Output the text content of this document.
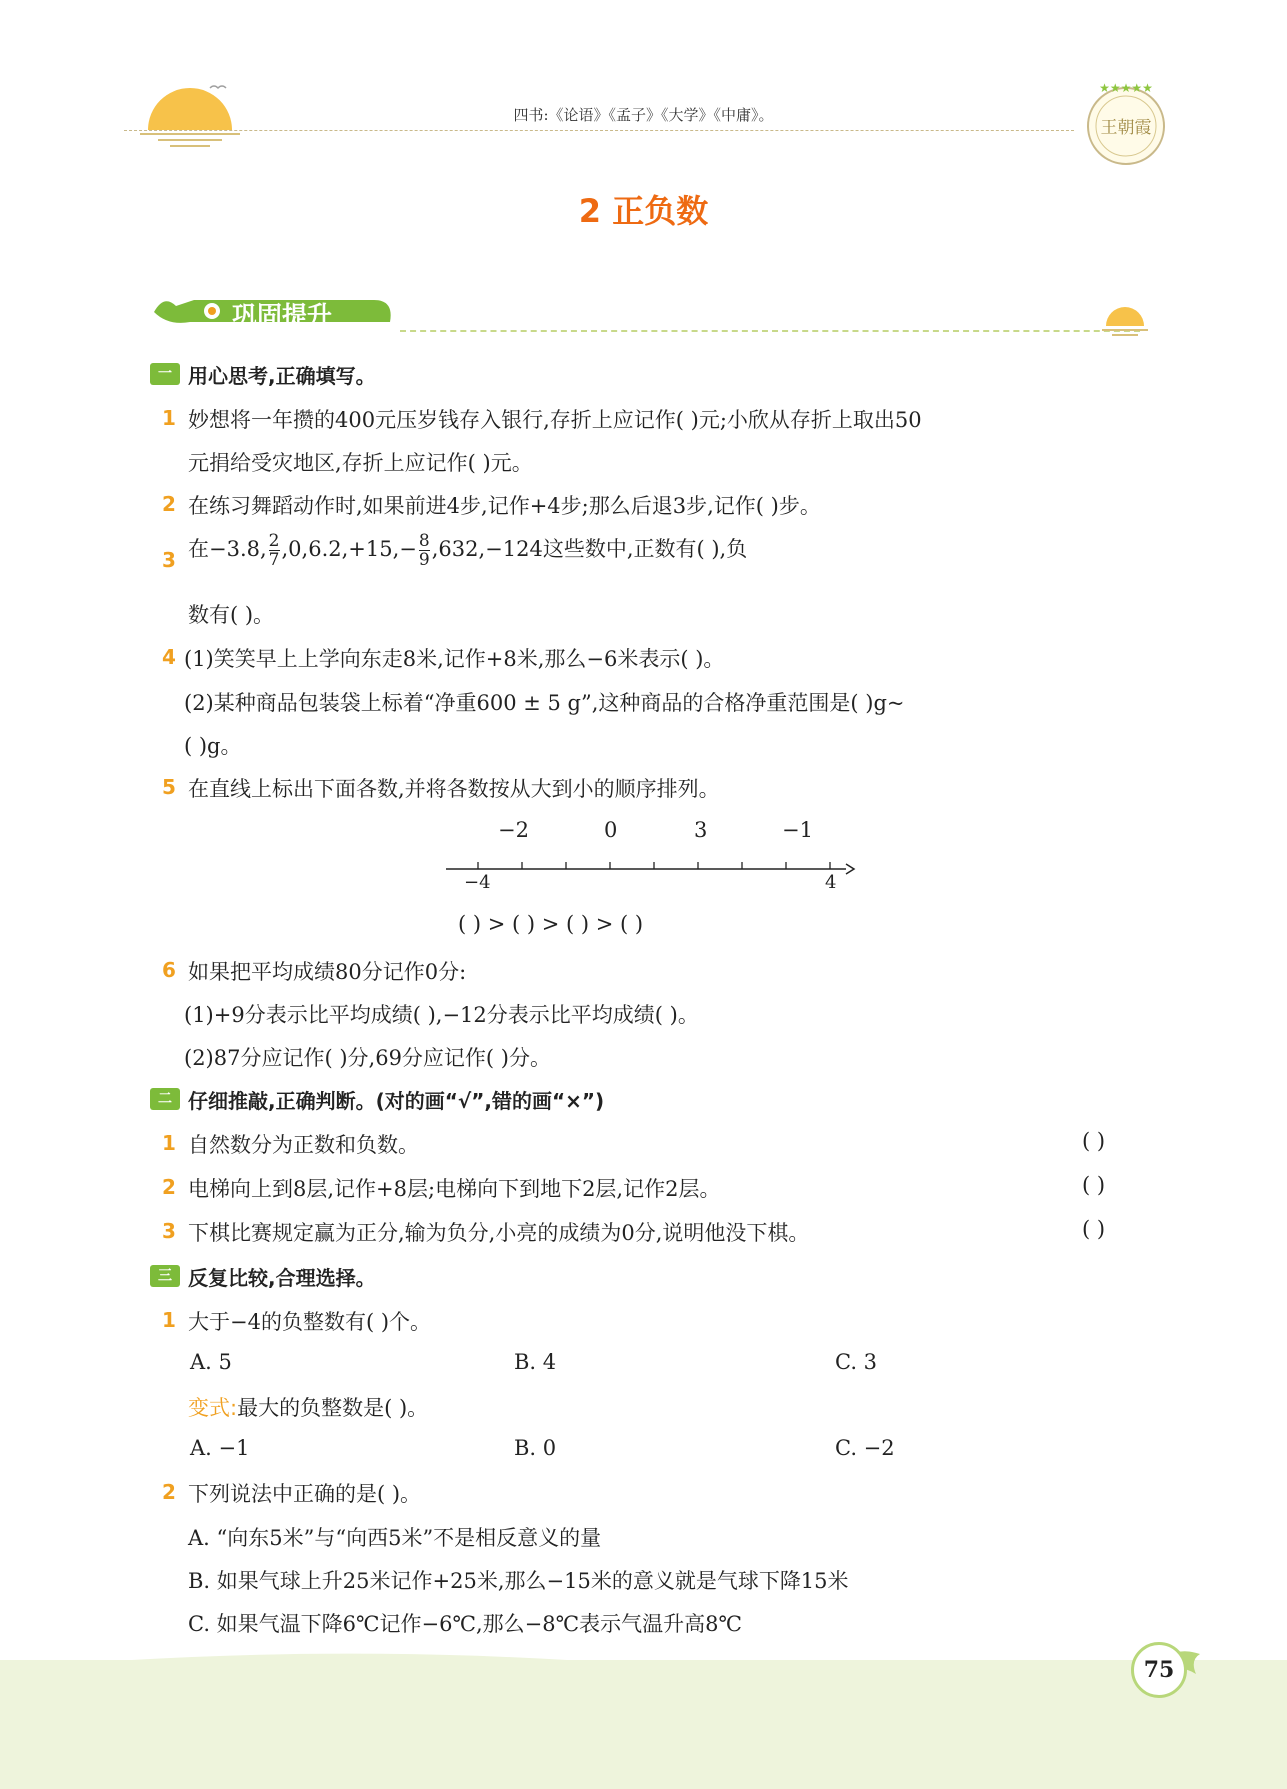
四书:《论语》《孟子》《大学》《中庸》。
★★★★★
王朝霞
2 正负数
巩固提升
一 用心思考,正确填写。
1 妙想将一年攒的400元压岁钱存入银行,存折上应记作( )元;小欣从存折上取出50
元捐给受灾地区,存折上应记作( )元。
2 在练习舞蹈动作时,如果前进4步,记作+4步;那么后退3步,记作( )步。
3 在−3.8, $\frac{2}{7} ,0,6.2,+15,- \frac{8}{9} ,632,-124$这些数中,正数有( ),负
数有( )。
4 (1)笑笑早上上学向东走8米,记作+8米,那么−6米表示( )。
(2)某种商品包装袋上标着“净重600 ± 5 g”,这种商品的合格净重范围是( )g~
( )g。
5 在直线上标出下面各数,并将各数按从大到小的顺序排列。
−2	0	3	−1
−4	4
( ) > ( ) > ( ) > ( )
6 如果把平均成绩80分记作0分:
(1)+9分表示比平均成绩( ),−12分表示比平均成绩( )。
(2)87分应记作( )分,69分应记作( )分。
二 仔细推敲,正确判断。(对的画“√”,错的画“×”)
1 自然数分为正数和负数。	( )
2 电梯向上到8层,记作+8层;电梯向下到地下2层,记作2层。	( )
3 下棋比赛规定赢为正分,输为负分,小亮的成绩为0分,说明他没下棋。	( )
三 反复比较,合理选择。
1 大于−4的负整数有( )个。
A. 5	B. 4	C. 3
变式:最大的负整数是( )。
A. −1	B. 0	C. −2
2 下列说法中正确的是( )。
A. “向东5米”与“向西5米”不是相反意义的量
B. 如果气球上升25米记作+25米,那么−15米的意义就是气球下降15米
C. 如果气温下降6℃记作−6℃,那么−8℃表示气温升高8℃
75
